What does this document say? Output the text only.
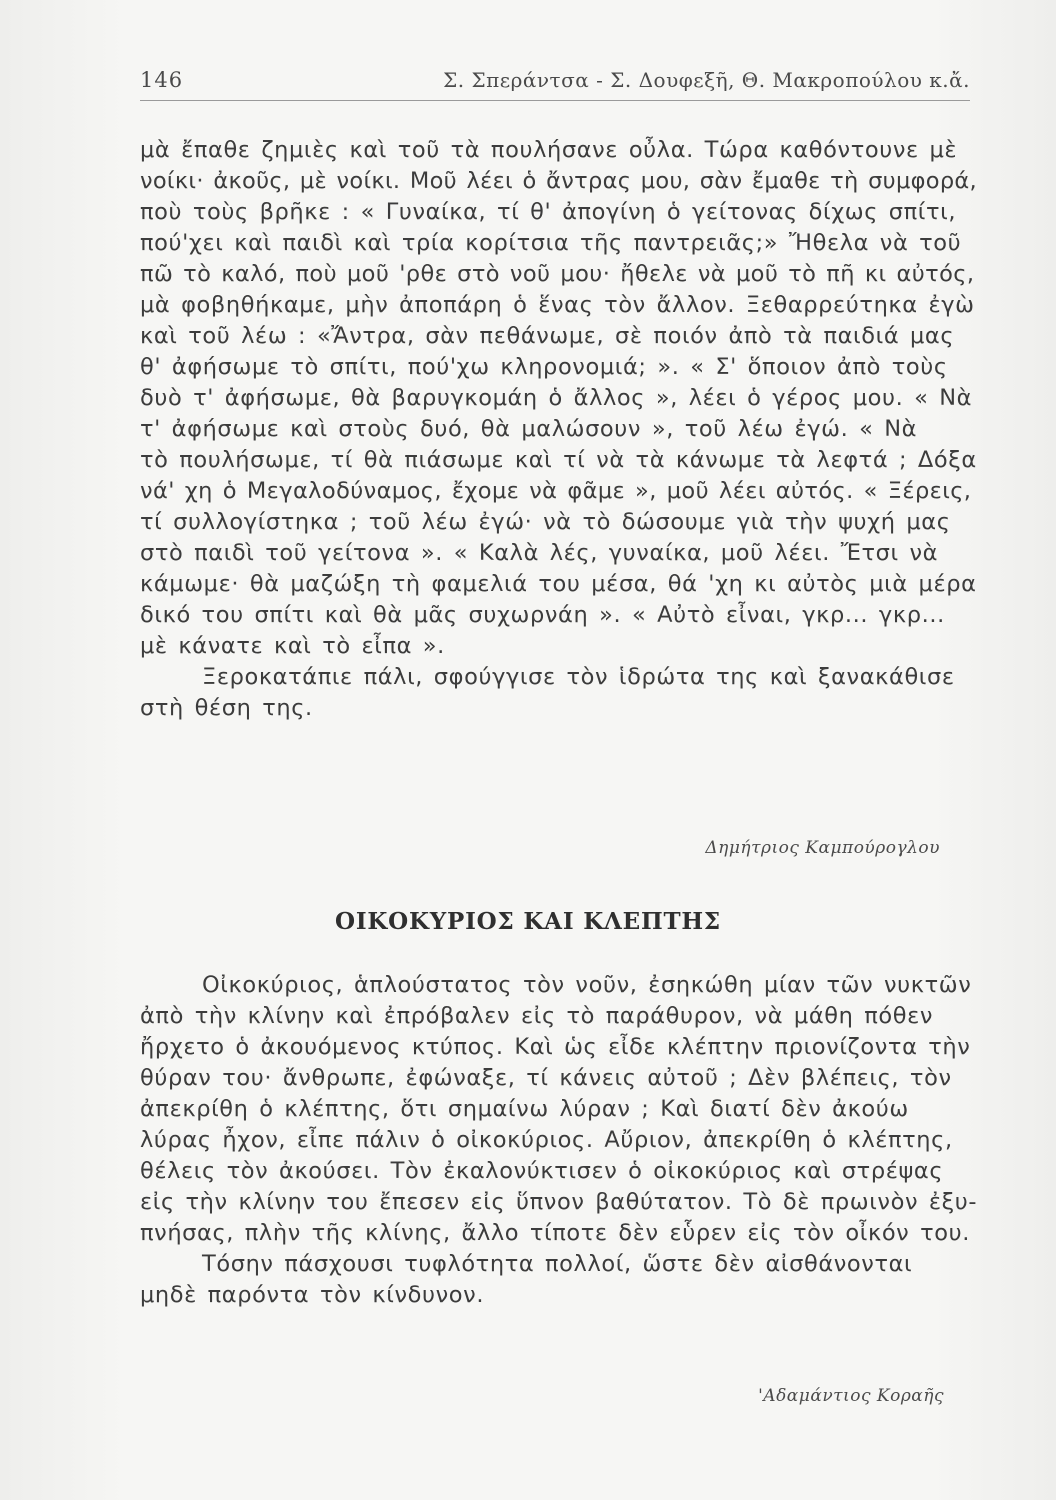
146	Σ. Σπεράντσα - Σ. Δουφεξῆ, Θ. Μακροπούλου κ.ἄ.
μὰ ἔπαθε ζημιὲς καὶ τοῦ τὰ πουλήσανε οὖλα. Τώρα καθόντουνε μὲ
νοίκι· ἀκοῦς, μὲ νοίκι. Μοῦ λέει ὁ ἄντρας μου, σὰν ἔμαθε τὴ συμφορά,
ποὺ τοὺς βρῆκε : « Γυναίκα, τί θ' ἀπογίνη ὁ γείτονας δίχως σπίτι,
πού'χει καὶ παιδὶ καὶ τρία κορίτσια τῆς παντρειᾶς;» Ἤθελα νὰ τοῦ
πῶ τὸ καλό, ποὺ μοῦ 'ρθε στὸ νοῦ μου· ἤθελε νὰ μοῦ τὸ πῆ κι αὐτός,
μὰ φοβηθήκαμε, μὴν ἀποπάρη ὁ ἕνας τὸν ἄλλον. Ξεθαρρεύτηκα ἐγὼ
καὶ τοῦ λέω : «Ἄντρα, σὰν πεθάνωμε, σὲ ποιόν ἀπὸ τὰ παιδιά μας
θ' ἀφήσωμε τὸ σπίτι, πού'χω κληρονομιά; ». « Σ' ὅποιον ἀπὸ τοὺς
δυὸ τ' ἀφήσωμε, θὰ βαρυγκομάη ὁ ἄλλος », λέει ὁ γέρος μου. « Νὰ
τ' ἀφήσωμε καὶ στοὺς δυό, θὰ μαλώσουν », τοῦ λέω ἐγώ. « Νὰ
τὸ πουλήσωμε, τί θὰ πιάσωμε καὶ τί νὰ τὰ κάνωμε τὰ λεφτά ; Δόξα
νά' χη ὁ Μεγαλοδύναμος, ἔχομε νὰ φᾶμε », μοῦ λέει αὐτός. « Ξέρεις,
τί συλλογίστηκα ; τοῦ λέω ἐγώ· νὰ τὸ δώσουμε γιὰ τὴν ψυχή μας
στὸ παιδὶ τοῦ γείτονα ». « Καλὰ λές, γυναίκα, μοῦ λέει. Ἔτσι νὰ
κάμωμε· θὰ μαζώξη τὴ φαμελιά του μέσα, θά 'χη κι αὐτὸς μιὰ μέρα
δικό του σπίτι καὶ θὰ μᾶς συχωρνάη ». « Αὐτὸ εἶναι, γκρ... γκρ...
μὲ κάνατε καὶ τὸ εἶπα ».
Ξεροκατάπιε πάλι, σφούγγισε τὸν ἱδρώτα της καὶ ξανακάθισε
στὴ θέση της.
Δημήτριος Καμπούρογλου
ΟΙΚΟΚΥΡΙΟΣ ΚΑΙ ΚΛΕΠΤΗΣ
Οἰκοκύριος, ἁπλούστατος τὸν νοῦν, ἐσηκώθη μίαν τῶν νυκτῶν
ἀπὸ τὴν κλίνην καὶ ἐπρόβαλεν εἰς τὸ παράθυρον, νὰ μάθη πόθεν
ἤρχετο ὁ ἀκουόμενος κτύπος. Καὶ ὡς εἶδε κλέπτην πριονίζοντα τὴν
θύραν του· ἄνθρωπε, ἐφώναξε, τί κάνεις αὐτοῦ ; Δὲν βλέπεις, τὸν
ἀπεκρίθη ὁ κλέπτης, ὅτι σημαίνω λύραν ; Καὶ διατί δὲν ἀκούω
λύρας ἦχον, εἶπε πάλιν ὁ οἰκοκύριος. Αὔριον, ἀπεκρίθη ὁ κλέπτης,
θέλεις τὸν ἀκούσει. Τὸν ἐκαλονύκτισεν ὁ οἰκοκύριος καὶ στρέψας
εἰς τὴν κλίνην του ἔπεσεν εἰς ὕπνον βαθύτατον. Τὸ δὲ πρωινὸν ἐξυ-
πνήσας, πλὴν τῆς κλίνης, ἄλλο τίποτε δὲν εὗρεν εἰς τὸν οἶκόν του.
Τόσην πάσχουσι τυφλότητα πολλοί, ὥστε δὲν αἰσθάνονται
μηδὲ παρόντα τὸν κίνδυνον.
'Αδαμάντιος Κοραῆς
